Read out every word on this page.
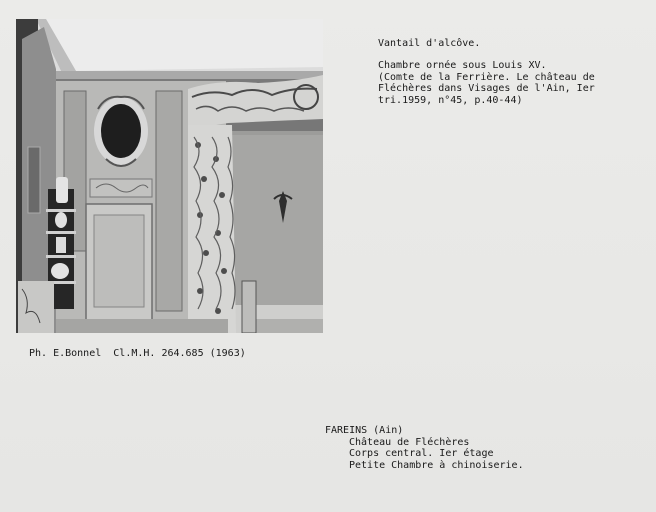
Vantail d'alcôve.
Chambre ornée sous Louis XV.
(Comte de la Ferrière. Le château de
Fléchères dans Visages de l'Ain, Ier
tri.1959, n°45, p.40-44)
Ph. E.Bonnel  Cl.M.H. 264.685 (1963)
FAREINS (Ain)
Château de Fléchères
Corps central. Ier étage
Petite Chambre à chinoiserie.
